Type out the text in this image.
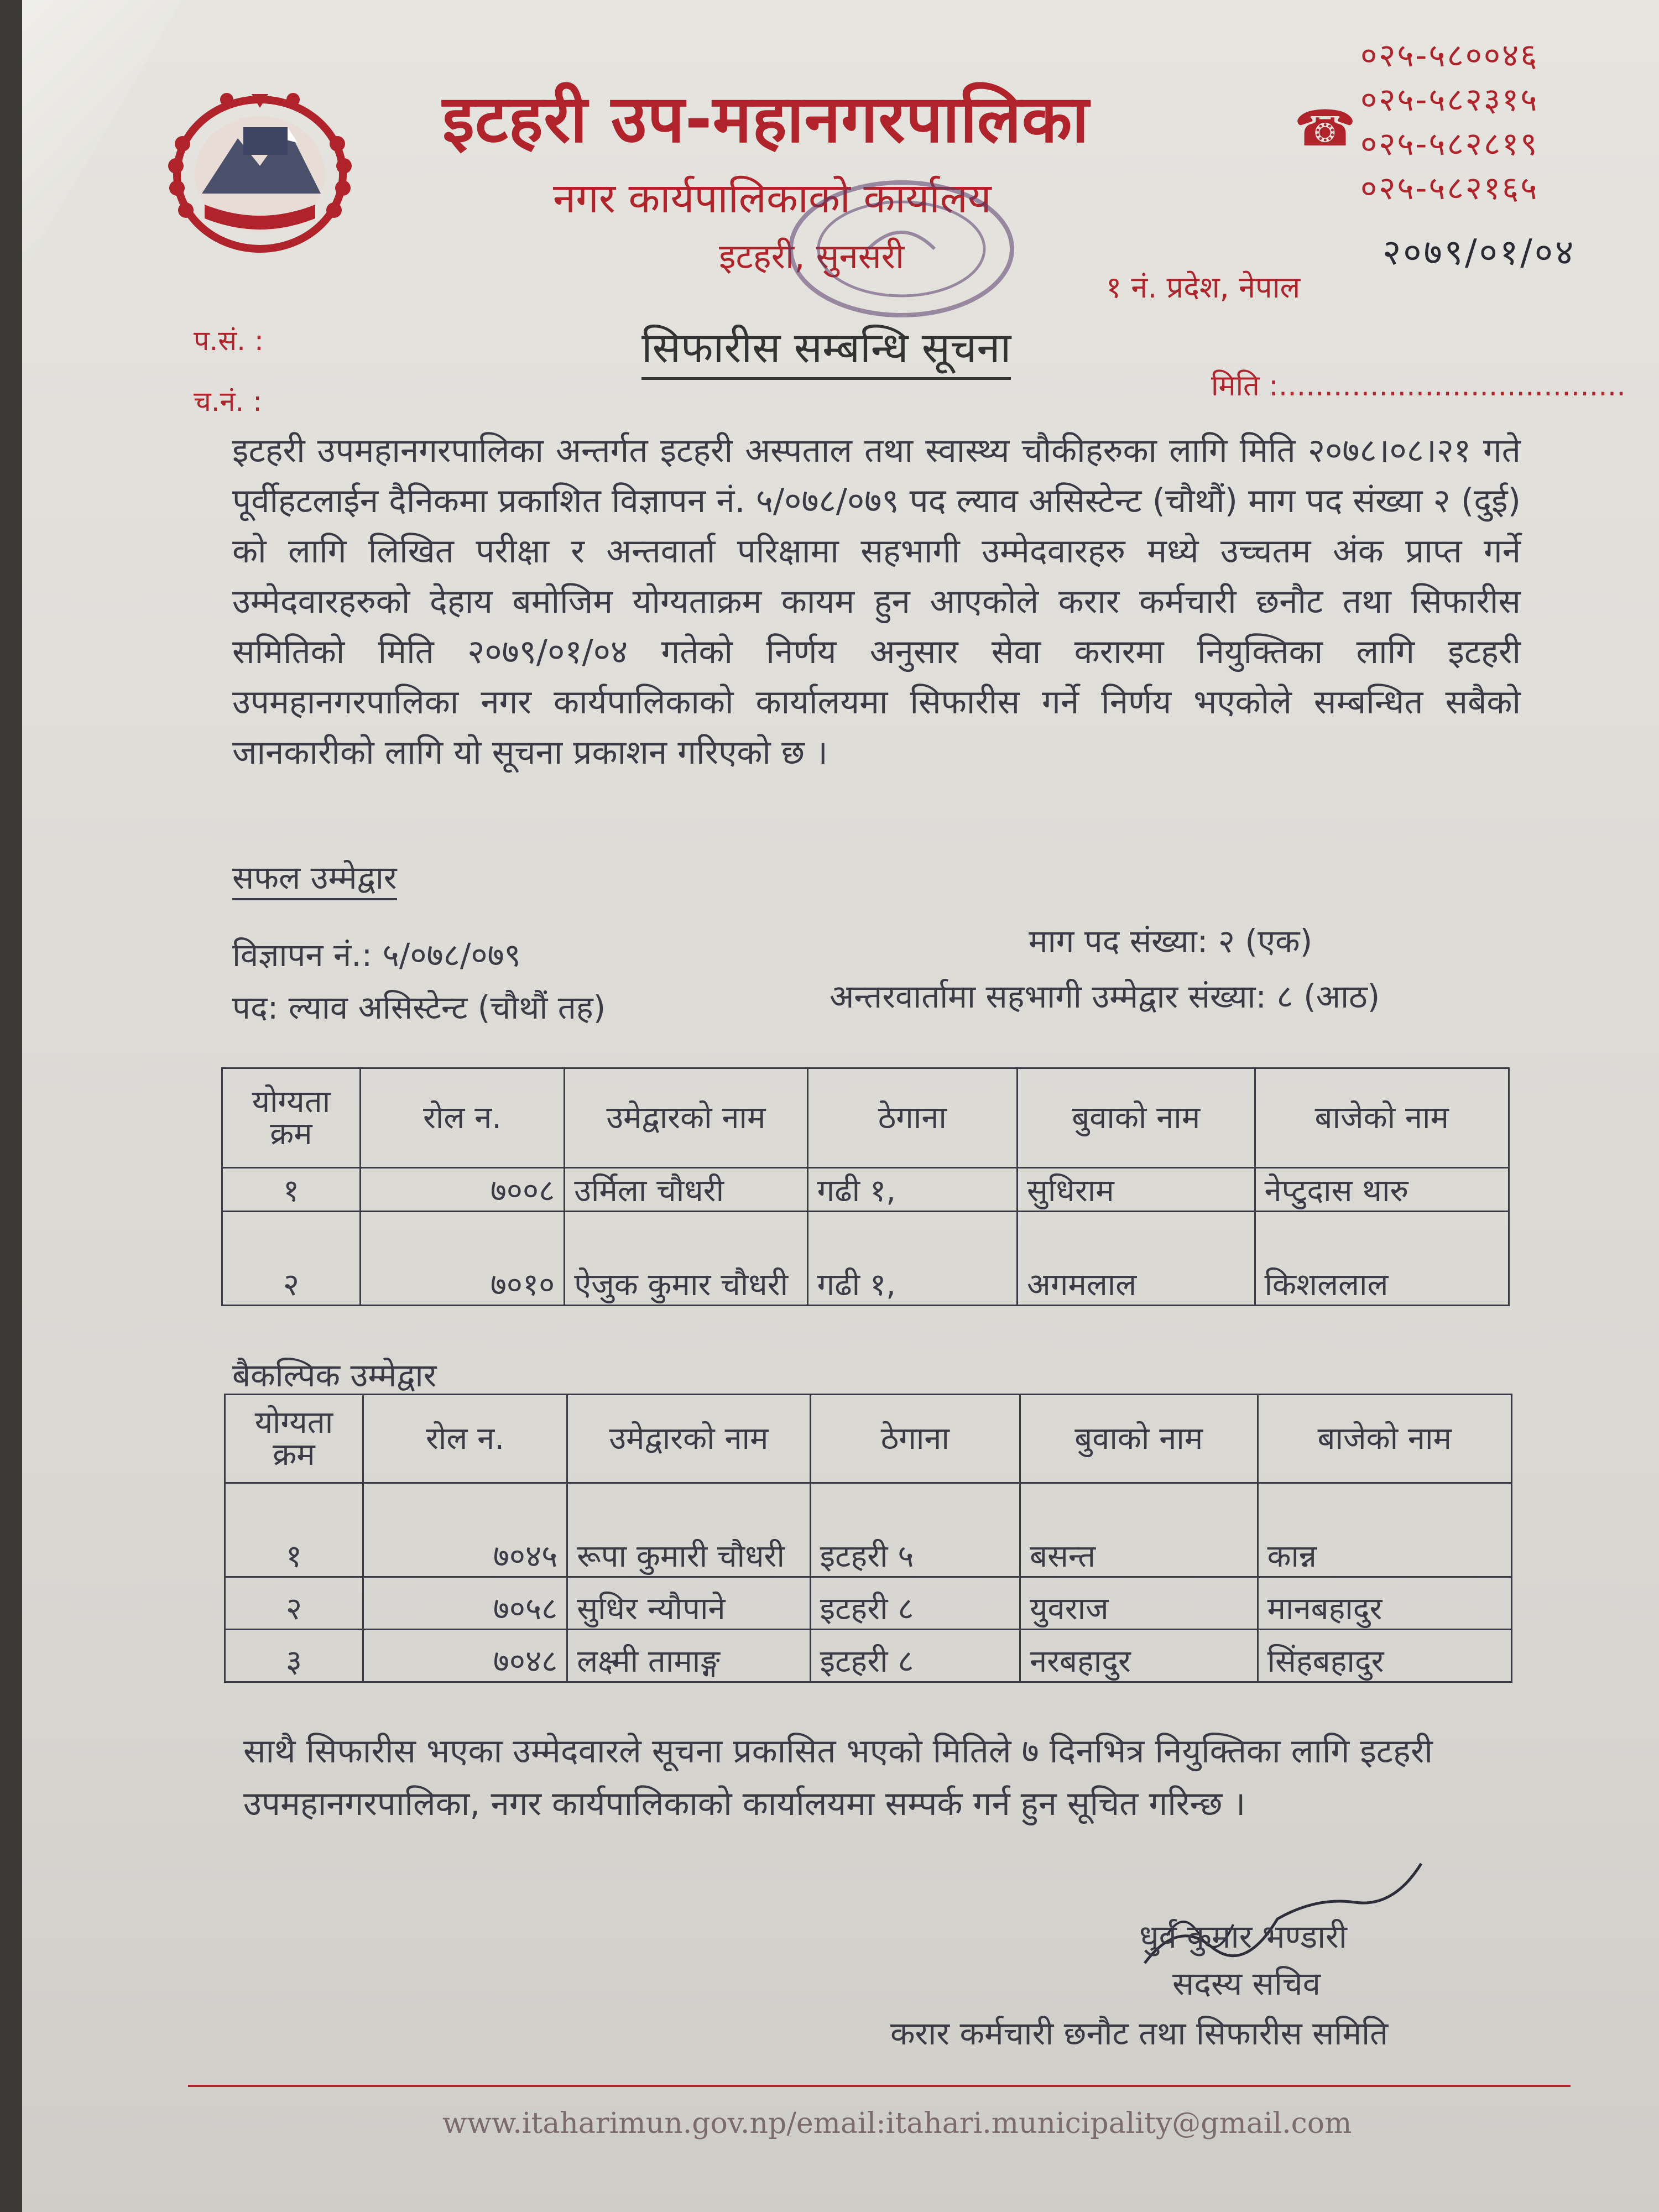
इटहरी उप-महानगरपालिका
नगर कार्यपालिकाको कार्यालय
इटहरी, सुनसरी
☎
०२५-५८००४६
०२५-५८२३१५
०२५-५८२८१९
०२५-५८२१६५
२०७९/०१/०४
१ नं. प्रदेश, नेपाल
प.सं. :
च.नं. :
सिफारीस सम्बन्धि सूचना
मिति :......................................
इटहरी उपमहानगरपालिका अन्तर्गत इटहरी अस्पताल तथा स्वास्थ्य चौकीहरुका लागि मिति २०७८।०८।२१ गते पूर्वीहटलाईन दैनिकमा प्रकाशित विज्ञापन नं. ५/०७८/०७९ पद ल्याव असिस्टेन्ट (चौथौं) माग पद संख्या २ (दुई) को लागि लिखित परीक्षा र अन्तवार्ता परिक्षामा सहभागी उम्मेदवारहरु मध्ये उच्चतम अंक प्राप्त गर्ने उम्मेदवारहरुको देहाय बमोजिम योग्यताक्रम कायम हुन आएकोले करार कर्मचारी छनौट तथा सिफारीस समितिको मिति २०७९/०१/०४ गतेको निर्णय अनुसार सेवा करारमा नियुक्तिका लागि इटहरी उपमहानगरपालिका नगर कार्यपालिकाको कार्यालयमा सिफारीस गर्ने निर्णय भएकोले सम्बन्धित सबैको जानकारीको लागि यो सूचना प्रकाशन गरिएको छ ।
सफल उम्मेद्वार
विज्ञापन नं.: ५/०७८/०७९
पद: ल्याव असिस्टेन्ट (चौथौं तह)
माग पद संख्या: २ (एक)
अन्तरवार्तामा सहभागी उम्मेद्वार संख्या: ८ (आठ)
योग्यता क्रम	रोल न.	उमेद्वारको नाम	ठेगाना	बुवाको नाम	बाजेको नाम
१	७००८	उर्मिला चौधरी	गढी १,	सुधिराम	नेप्टुदास थारु
२	७०१०	ऐजुक कुमार चौधरी	गढी १,	अगमलाल	किशललाल
बैकल्पिक उम्मेद्वार
योग्यता क्रम	रोल न.	उमेद्वारको नाम	ठेगाना	बुवाको नाम	बाजेको नाम
१	७०४५	रूपा कुमारी चौधरी	इटहरी ५	बसन्त	कान्न
२	७०५८	सुधिर न्यौपाने	इटहरी ८	युवराज	मानबहादुर
३	७०४८	लक्ष्मी तामाङ्ग	इटहरी ८	नरबहादुर	सिंहबहादुर
साथै सिफारीस भएका उम्मेदवारले सूचना प्रकासित भएको मितिले ७ दिनभित्र नियुक्तिका लागि इटहरी उपमहानगरपालिका, नगर कार्यपालिकाको कार्यालयमा सम्पर्क गर्न हुन सूचित गरिन्छ ।
धुर्व कुमार भण्डारी
सदस्य सचिव
करार कर्मचारी छनौट तथा सिफारीस समिति
www.itaharimun.gov.np/email:itahari.municipality@gmail.com
